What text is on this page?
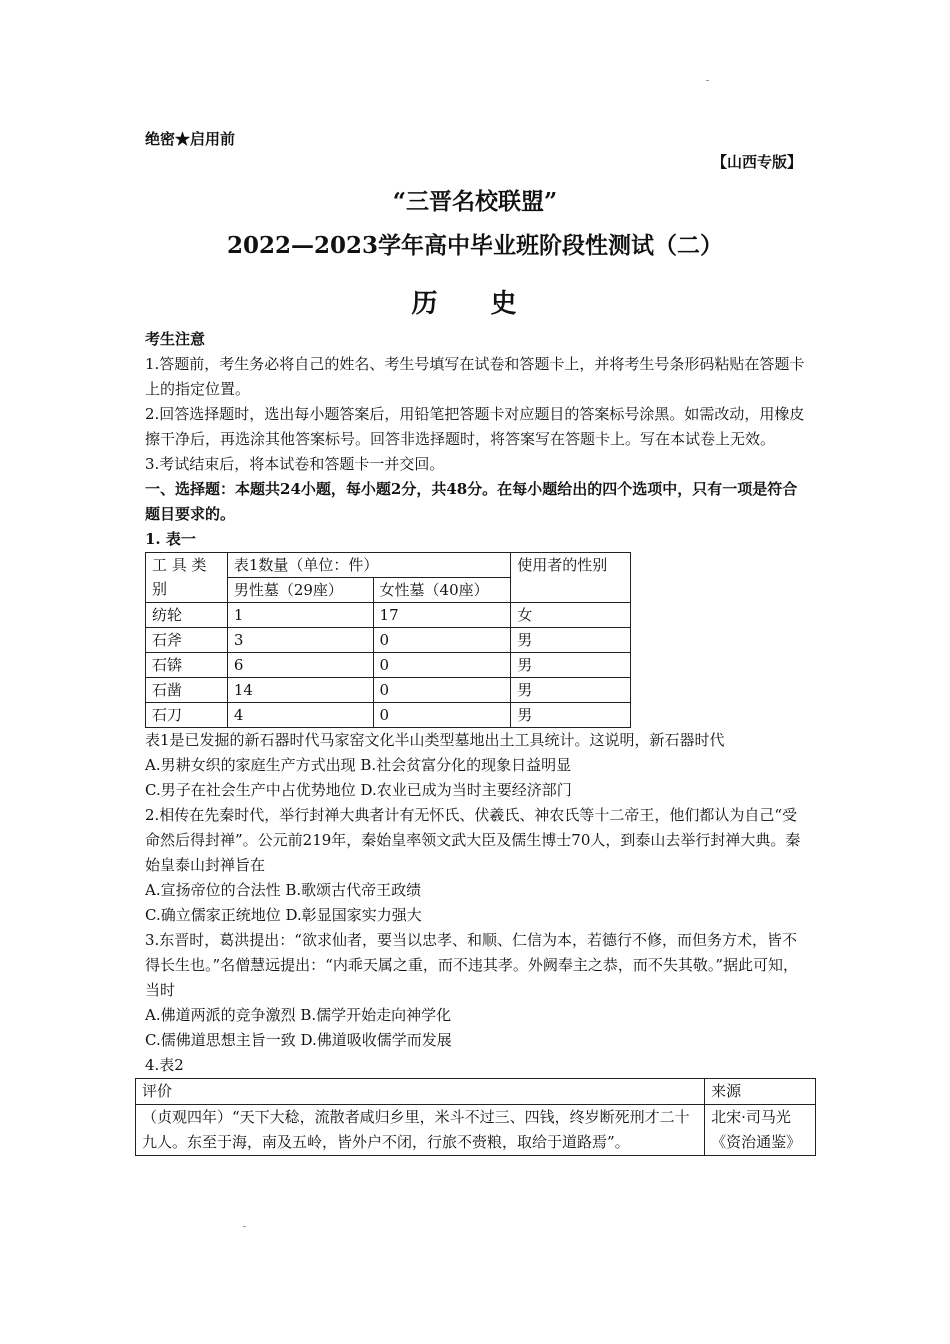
绝密★启用前
【山西专版】
“三晋名校联盟”
2022—2023学年高中毕业班阶段性测试（二）
历 史

考生注意

1.答题前，考生务必将自己的姓名、考生号填写在试卷和答题卡上，并将考生号条形码粘贴在答题卡上的指定位置。

2.回答选择题时，选出每小题答案后，用铅笔把答题卡对应题目的答案标号涂黑。如需改动，用橡皮擦干净后，再选涂其他答案标号。回答非选择题时，将答案写在答题卡上。写在本试卷上无效。

3.考试结束后，将本试卷和答题卡一并交回。

一、选择题：本题共24小题，每小题2分，共48分。在每小题给出的四个选项中，只有一项是符合题目要求的。

1. 表一

工 具 类别	表1数量（单位：件）		使用者的性别
	男性墓（29座）	女性墓（40座）	
纺轮	1	17	女
石斧	3	0	男
石锛	6	0	男
石凿	14	0	男
石刀	4	0	男

表1是已发掘的新石器时代马家窑文化半山类型墓地出土工具统计。这说明，新石器时代

A.男耕女织的家庭生产方式出现 B.社会贫富分化的现象日益明显

C.男子在社会生产中占优势地位 D.农业已成为当时主要经济部门

2.相传在先秦时代，举行封禅大典者计有无怀氏、伏羲氏、神农氏等十二帝王，他们都认为自己“受命然后得封禅”。公元前219年，秦始皇率领文武大臣及儒生博士70人，到泰山去举行封禅大典。秦始皇泰山封禅旨在

A.宣扬帝位的合法性 B.歌颂古代帝王政绩

C.确立儒家正统地位 D.彰显国家实力强大

3.东晋时，葛洪提出：“欲求仙者，要当以忠孝、和顺、仁信为本，若德行不修，而但务方术，皆不得长生也。”名僧慧远提出：“内乖天属之重，而不违其孝。外阙奉主之恭，而不失其敬。”据此可知，当时

A.佛道两派的竞争激烈 B.儒学开始走向神学化

C.儒佛道思想主旨一致 D.佛道吸收儒学而发展

4.表2

评价	来源
（贞观四年）“天下大稔，流散者咸归乡里，米斗不过三、四钱，终岁断死刑才二十九人。东至于海，南及五岭，皆外户不闭，行旅不赍粮，取给于道路焉”。	北宋·司马光《资治通鉴》
